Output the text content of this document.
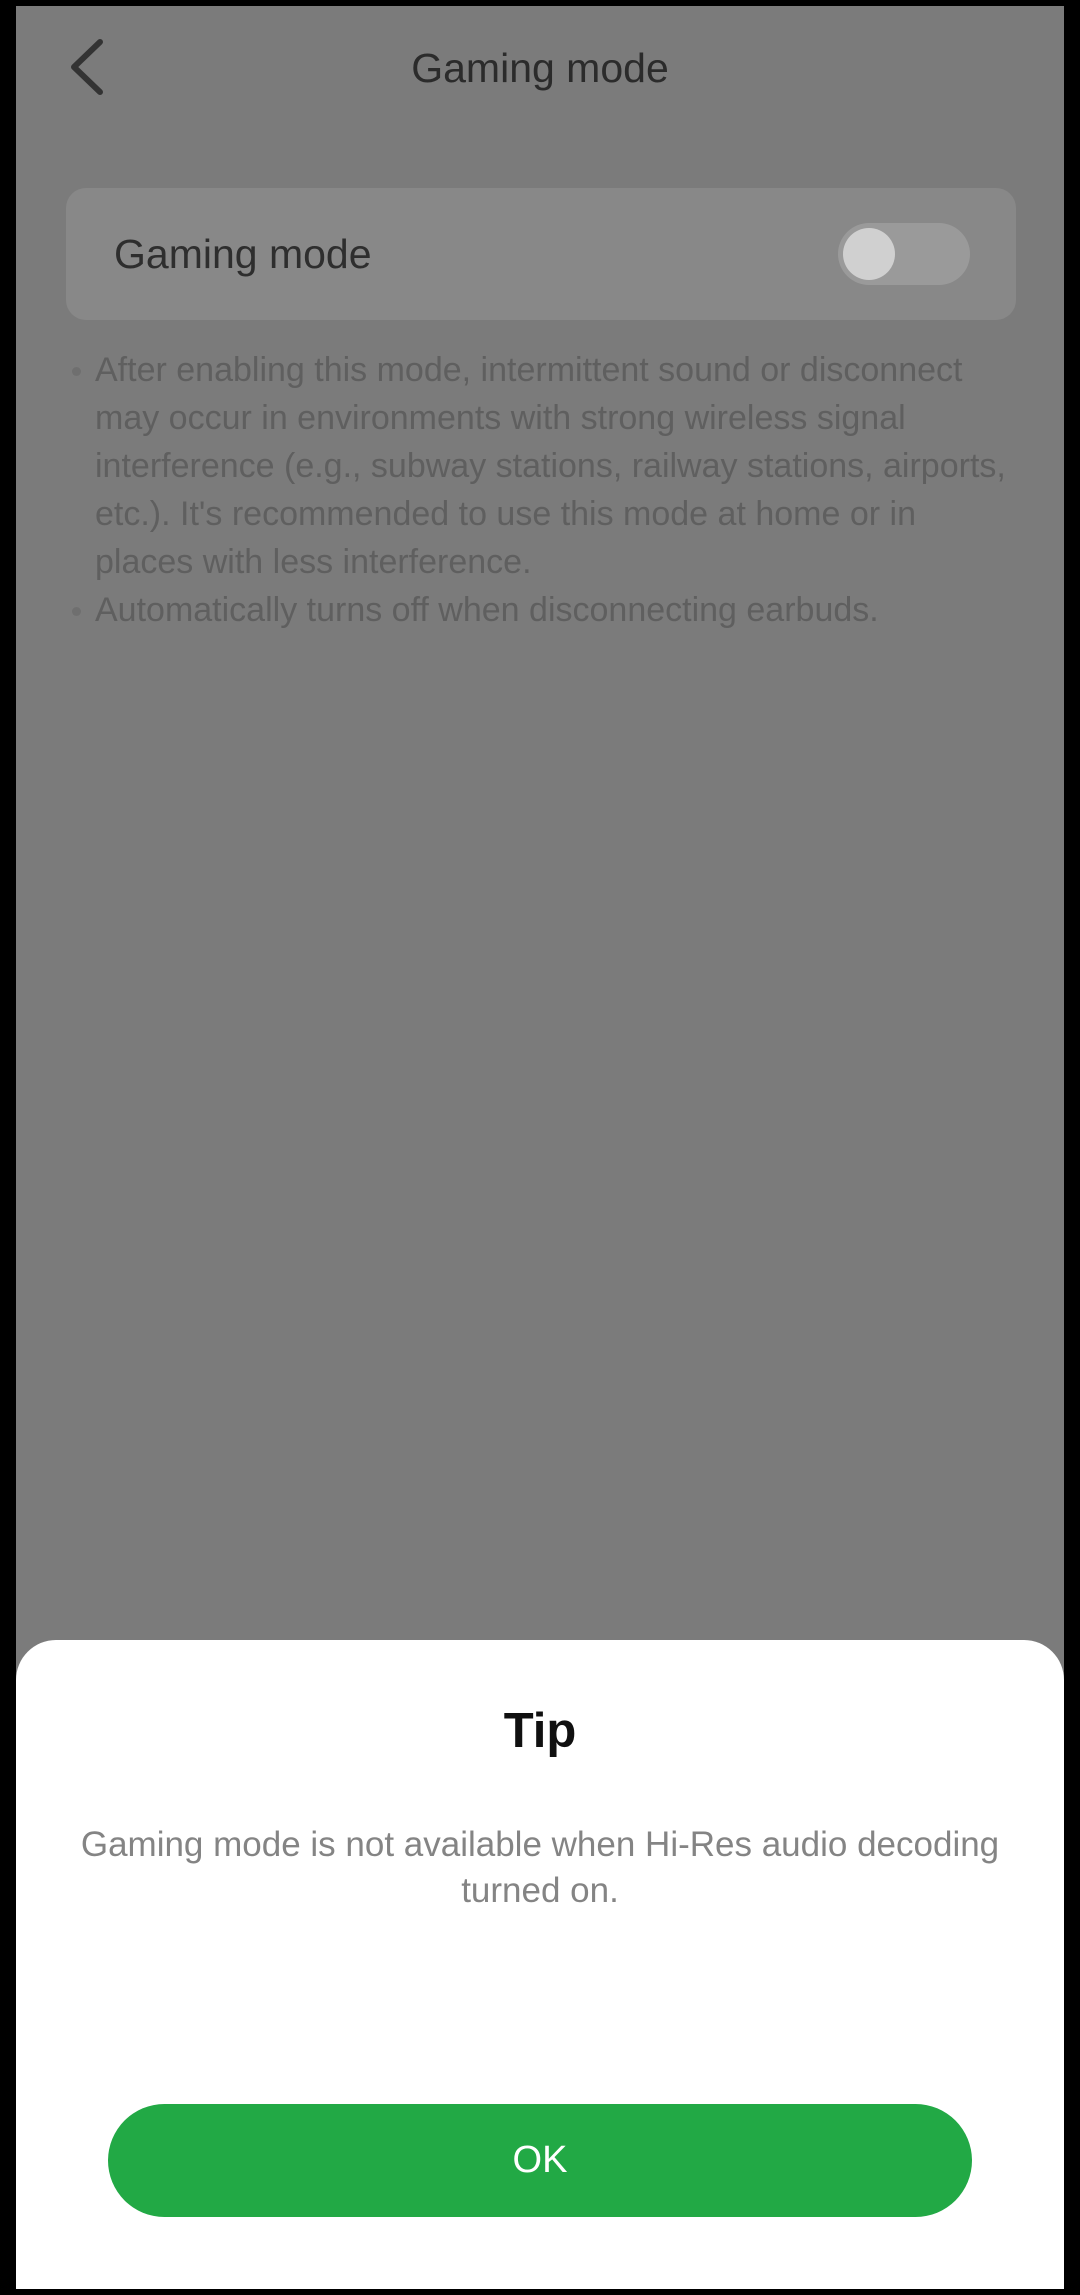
Gaming mode
Gaming mode
After enabling this mode, intermittent sound or disconnect may occur in environments with strong wireless signal interference (e.g., subway stations, railway stations, airports, etc.). It's recommended to use this mode at home or in places with less interference.
Automatically turns off when disconnecting earbuds.
Tip
Gaming mode is not available when Hi-Res audio decoding turned on.
OK
